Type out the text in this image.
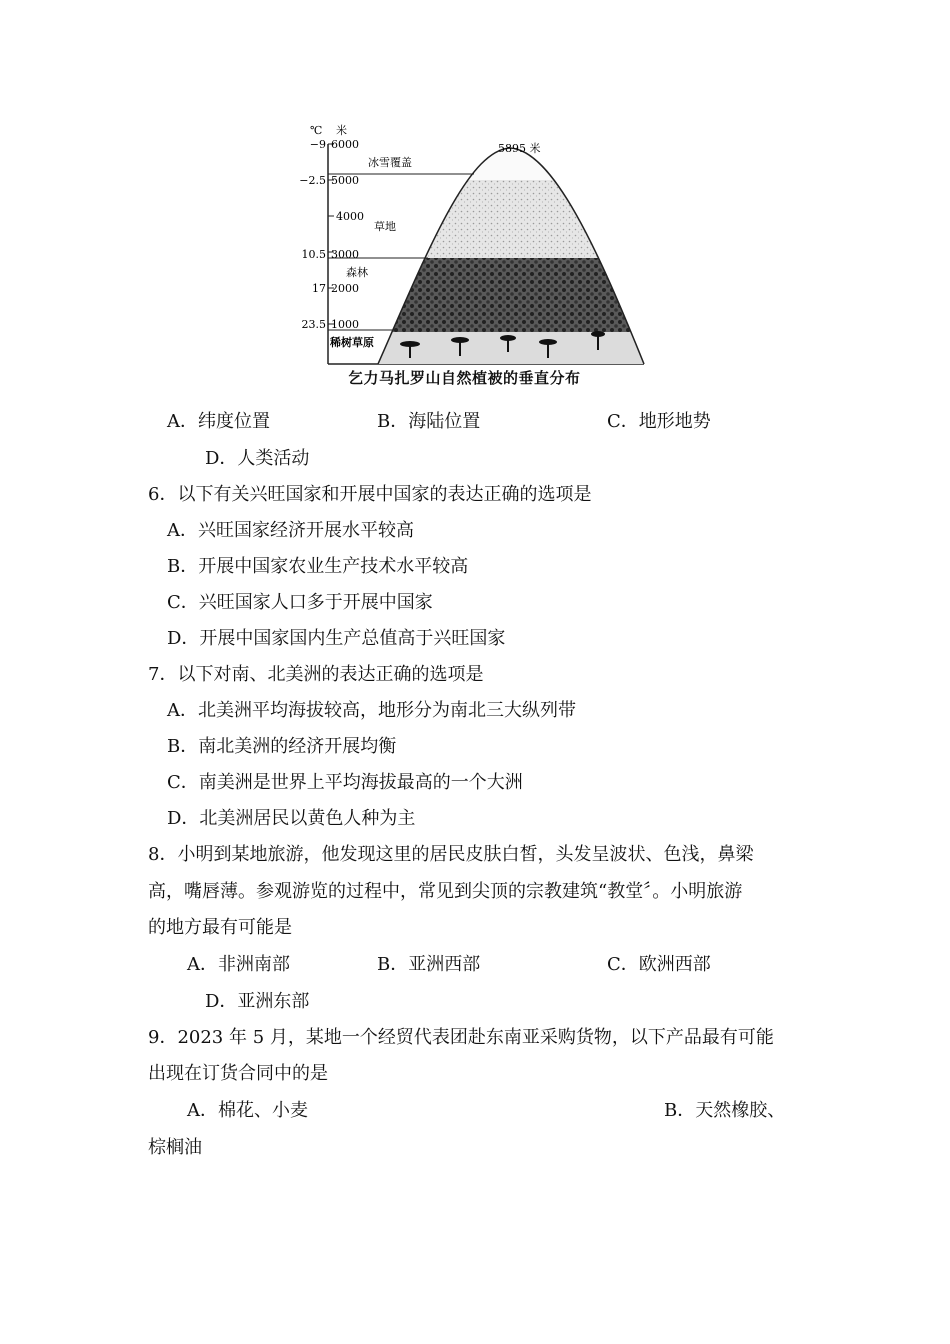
℃ 米
−9
−2.5
10.5
17
23.5
6000
5000
4000
3000
2000
1000
冰雪覆盖
草地
森林
稀树草原
5895 米
乞力马扎罗山自然植被的垂直分布
A．纬度位置	B．海陆位置	C．地形地势
D．人类活动
6．以下有关兴旺国家和开展中国家的表达正确的选项是
A．兴旺国家经济开展水平较高
B．开展中国家农业生产技术水平较高
C．兴旺国家人口多于开展中国家
D．开展中国家国内生产总值高于兴旺国家
7．以下对南、北美洲的表达正确的选项是
A．北美洲平均海拔较高，地形分为南北三大纵列带
B．南北美洲的经济开展均衡
C．南美洲是世界上平均海拔最高的一个大洲
D．北美洲居民以黄色人种为主
8．小明到某地旅游，他发现这里的居民皮肤白皙，头发呈波状、色浅，鼻梁
高，嘴唇薄。参观游览的过程中，常见到尖顶的宗教建筑“教堂〞。小明旅游
的地方最有可能是
A．非洲南部	B．亚洲西部	C．欧洲西部
D．亚洲东部
9．2023 年 5 月，某地一个经贸代表团赴东南亚采购货物，以下产品最有可能
出现在订货合同中的是
A．棉花、小麦	B．天然橡胶、
棕榈油
